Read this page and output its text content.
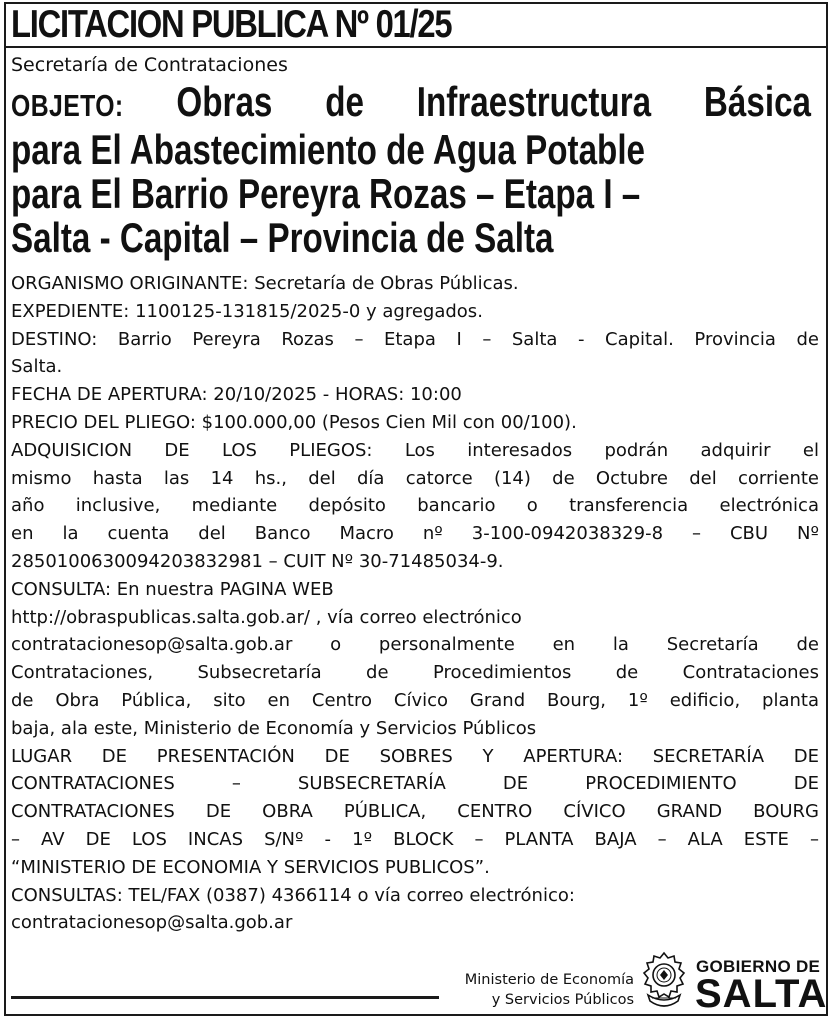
LICITACION PUBLICA Nº 01/25
Secretaría de Contrataciones
OBJETO: Obras de Infraestructura Básica
para El Abastecimiento de Agua Potable
para El Barrio Pereyra Rozas – Etapa I –
Salta - Capital – Provincia de Salta
ORGANISMO ORIGINANTE: Secretaría de Obras Públicas.
EXPEDIENTE: 1100125-131815/2025-0 y agregados.
DESTINO: Barrio Pereyra Rozas – Etapa I – Salta - Capital. Provincia de
Salta.
FECHA DE APERTURA: 20/10/2025 - HORAS: 10:00
PRECIO DEL PLIEGO: $100.000,00 (Pesos Cien Mil con 00/100).
ADQUISICION DE LOS PLIEGOS: Los interesados podrán adquirir el
mismo hasta las 14 hs., del día catorce (14) de Octubre del corriente
año inclusive, mediante depósito bancario o transferencia electrónica
en la cuenta del Banco Macro nº 3-100-0942038329-8 – CBU Nº
2850100630094203832981 – CUIT Nº 30-71485034-9.
CONSULTA: En nuestra PAGINA WEB
http://obraspublicas.salta.gob.ar/ , vía correo electrónico
contratacionesop@salta.gob.ar o personalmente en la Secretaría de
Contrataciones, Subsecretaría de Procedimientos de Contrataciones
de Obra Pública, sito en Centro Cívico Grand Bourg, 1º edificio, planta
baja, ala este, Ministerio de Economía y Servicios Públicos
LUGAR DE PRESENTACIÓN DE SOBRES Y APERTURA: SECRETARÍA DE
CONTRATACIONES – SUBSECRETARÍA DE PROCEDIMIENTO DE
CONTRATACIONES DE OBRA PÚBLICA, CENTRO CÍVICO GRAND BOURG
– AV DE LOS INCAS S/Nº - 1º BLOCK – PLANTA BAJA – ALA ESTE –
“MINISTERIO DE ECONOMIA Y SERVICIOS PUBLICOS”.
CONSULTAS: TEL/FAX (0387) 4366114 o vía correo electrónico:
contratacionesop@salta.gob.ar
Ministerio de Economía
y Servicios Públicos
GOBIERNO DE
SALTA
